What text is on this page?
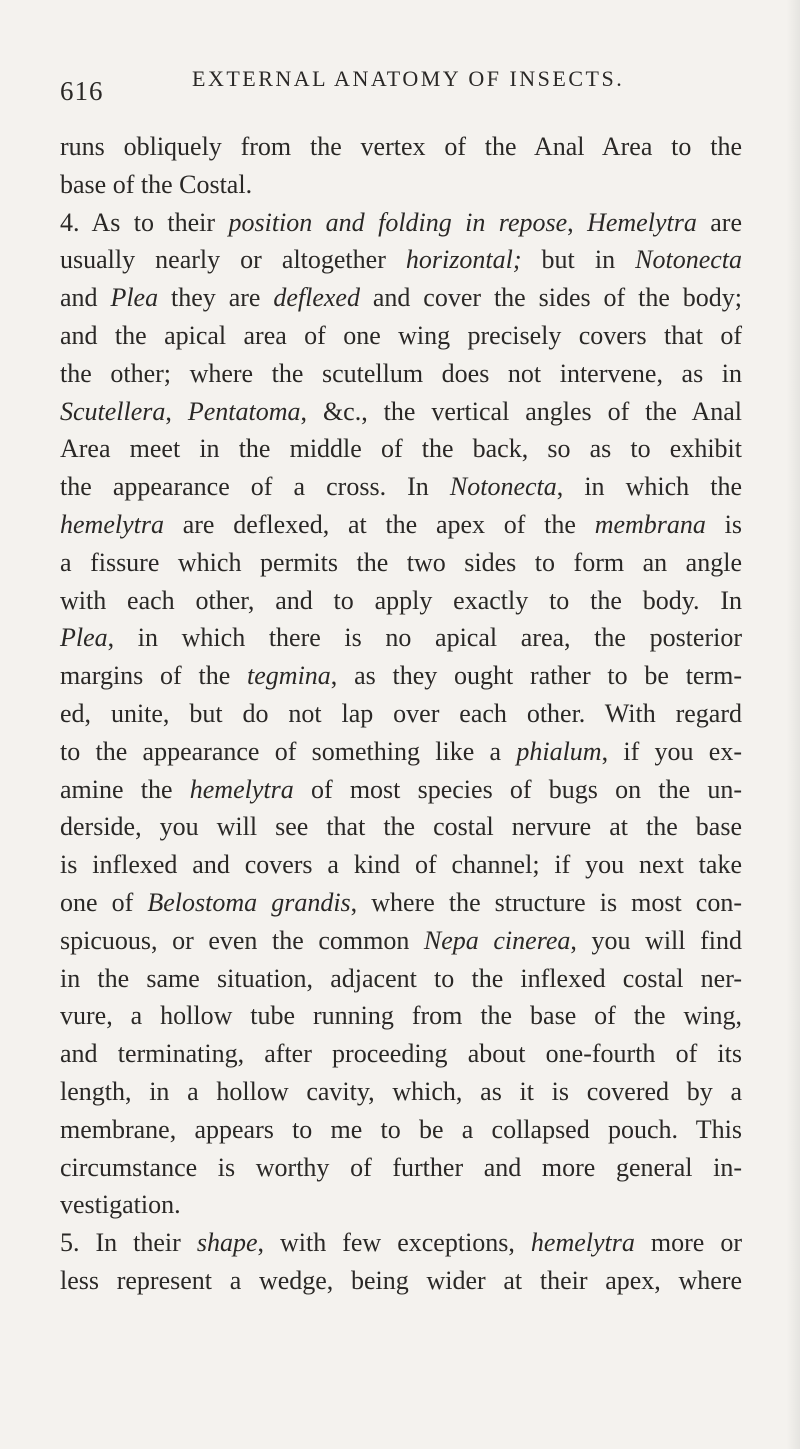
616	EXTERNAL ANATOMY OF INSECTS.
runs obliquely from the vertex of the Anal Area to the
base of the Costal.
4. As to their position and folding in repose, Hemelytra are
usually nearly or altogether horizontal; but in Notonecta
and Plea they are deflexed and cover the sides of the body;
and the apical area of one wing precisely covers that of
the other; where the scutellum does not intervene, as in
Scutellera, Pentatoma, &c., the vertical angles of the Anal
Area meet in the middle of the back, so as to exhibit
the appearance of a cross. In Notonecta, in which the
hemelytra are deflexed, at the apex of the membrana is
a fissure which permits the two sides to form an angle
with each other, and to apply exactly to the body. In
Plea, in which there is no apical area, the posterior
margins of the tegmina, as they ought rather to be term-
ed, unite, but do not lap over each other. With regard
to the appearance of something like a phialum, if you ex-
amine the hemelytra of most species of bugs on the un-
derside, you will see that the costal nervure at the base
is inflexed and covers a kind of channel; if you next take
one of Belostoma grandis, where the structure is most con-
spicuous, or even the common Nepa cinerea, you will find
in the same situation, adjacent to the inflexed costal ner-
vure, a hollow tube running from the base of the wing,
and terminating, after proceeding about one-fourth of its
length, in a hollow cavity, which, as it is covered by a
membrane, appears to me to be a collapsed pouch. This
circumstance is worthy of further and more general in-
vestigation.
5. In their shape, with few exceptions, hemelytra more or
less represent a wedge, being wider at their apex, where
